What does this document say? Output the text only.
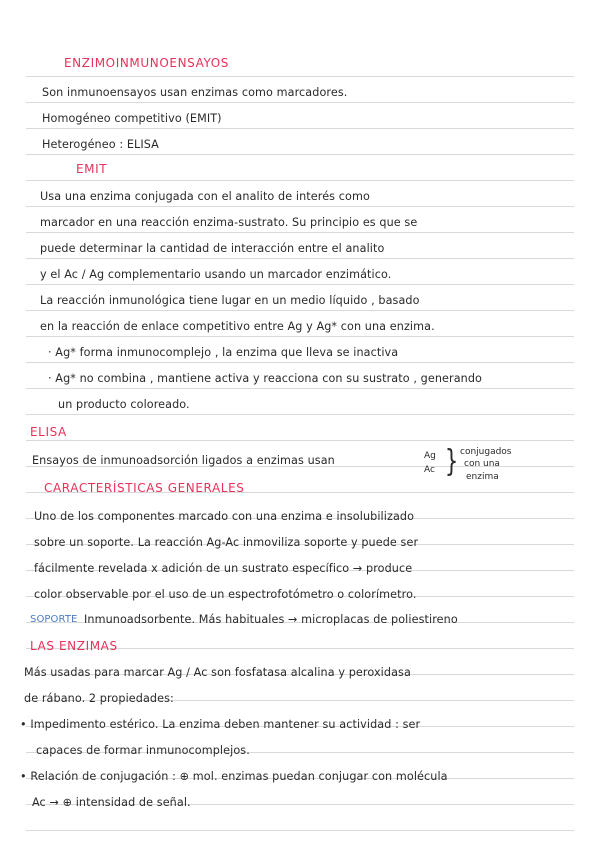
ENZIMOINMUNOENSAYOS
Son inmunoensayos usan enzimas como marcadores.
Homogéneo competitivo (EMIT)
Heterogéneo : ELISA
EMIT
Usa una enzima conjugada con el analito de interés como
marcador en una reacción enzima-sustrato. Su principio es que se
puede determinar la cantidad de interacción entre el analito
y el Ac / Ag complementario usando un marcador enzimático.
La reacción inmunológica tiene lugar en un medio líquido , basado
en la reacción de enlace competitivo entre Ag y Ag* con una enzima.
· Ag* forma inmunocomplejo , la enzima que lleva se inactiva
· Ag* no combina , mantiene activa y reacciona con su sustrato , generando
un producto coloreado.
ELISA
Ensayos de inmunoadsorción ligados a enzimas usan	Ag
Ac } conjugados
con una
enzima
CARACTERÍSTICAS GENERALES
Uno de los componentes marcado con una enzima e insolubilizado
sobre un soporte. La reacción Ag-Ac inmoviliza soporte y puede ser
fácilmente revelada x adición de un sustrato específico → produce
color observable por el uso de un espectrofotómetro o colorímetro.
SOPORTE Inmunoadsorbente. Más habituales → microplacas de poliestireno
LAS ENZIMAS
Más usadas para marcar Ag / Ac son fosfatasa alcalina y peroxidasa
de rábano. 2 propiedades:
• Impedimento estérico. La enzima deben mantener su actividad : ser
capaces de formar inmunocomplejos.
• Relación de conjugación : ⊕ mol. enzimas puedan conjugar con molécula
Ac → ⊕ intensidad de señal.
